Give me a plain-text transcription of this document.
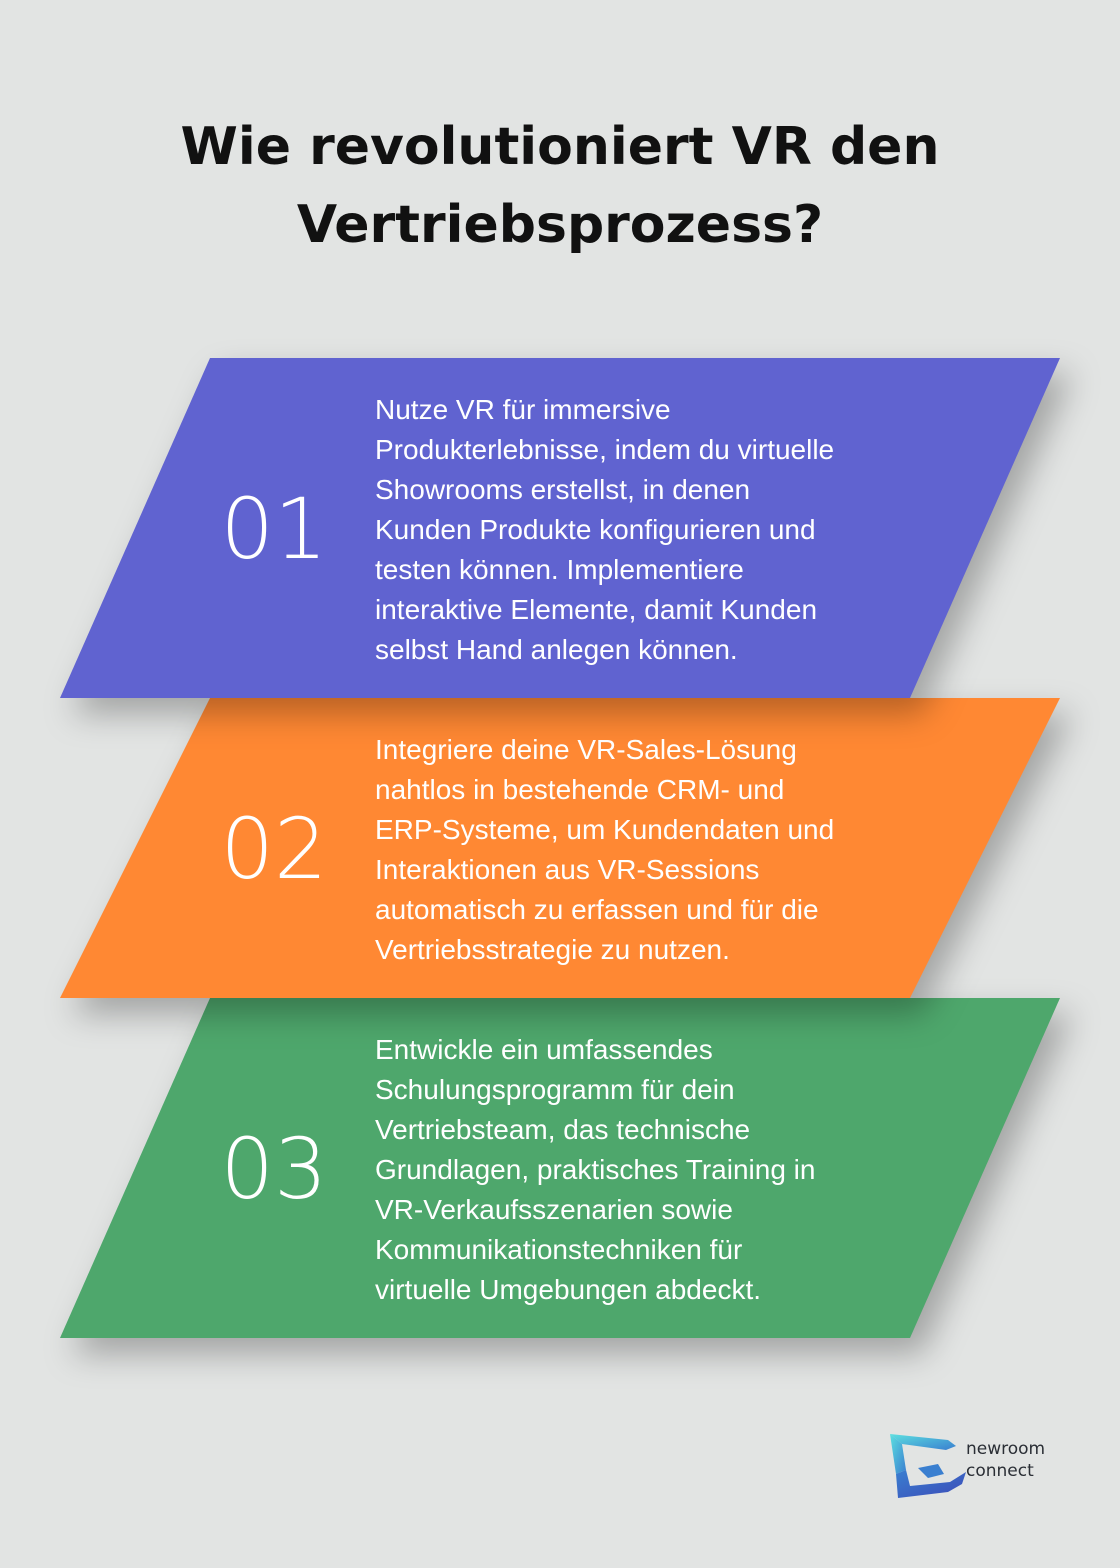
Wie revolutioniert VR den
Vertriebsprozess?
01

Nutze VR für immersive
Produkterlebnisse, indem du virtuelle
Showrooms erstellst, in denen
Kunden Produkte konfigurieren und
testen können. Implementiere
interaktive Elemente, damit Kunden
selbst Hand anlegen können.

02

Integriere deine VR-Sales-Lösung
nahtlos in bestehende CRM- und
ERP-Systeme, um Kundendaten und
Interaktionen aus VR-Sessions
automatisch zu erfassen und für die
Vertriebsstrategie zu nutzen.

03

Entwickle ein umfassendes
Schulungsprogramm für dein
Vertriebsteam, das technische
Grundlagen, praktisches Training in
VR-Verkaufsszenarien sowie
Kommunikationstechniken für
virtuelle Umgebungen abdeckt.

newroom
connect
